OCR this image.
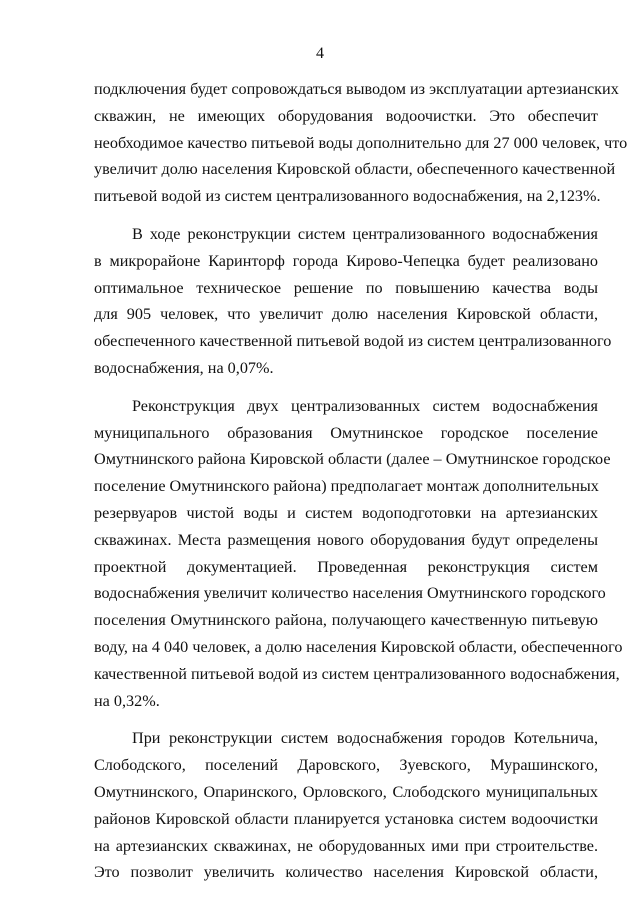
4
подключения будет сопровождаться выводом из эксплуатации артезианских
скважин, не имеющих оборудования водоочистки. Это обеспечит
необходимое качество питьевой воды дополнительно для 27 000 человек, что
увеличит долю населения Кировской области, обеспеченного качественной
питьевой водой из систем централизованного водоснабжения, на 2,123%.
В ходе реконструкции систем централизованного водоснабжения
в микрорайоне Каринторф города Кирово-Чепецка будет реализовано
оптимальное техническое решение по повышению качества воды
для 905 человек, что увеличит долю населения Кировской области,
обеспеченного качественной питьевой водой из систем централизованного
водоснабжения, на 0,07%.
Реконструкция двух централизованных систем водоснабжения
муниципального образования Омутнинское городское поселение
Омутнинского района Кировской области (далее – Омутнинское городское
поселение Омутнинского района) предполагает монтаж дополнительных
резервуаров чистой воды и систем водоподготовки на артезианских
скважинах. Места размещения нового оборудования будут определены
проектной документацией. Проведенная реконструкция систем
водоснабжения увеличит количество населения Омутнинского городского
поселения Омутнинского района, получающего качественную питьевую
воду, на 4 040 человек, а долю населения Кировской области, обеспеченного
качественной питьевой водой из систем централизованного водоснабжения,
на 0,32%.
При реконструкции систем водоснабжения городов Котельнича,
Слободского, поселений Даровского, Зуевского, Мурашинского,
Омутнинского, Опаринского, Орловского, Слободского муниципальных
районов Кировской области планируется установка систем водоочистки
на артезианских скважинах, не оборудованных ими при строительстве.
Это позволит увеличить количество населения Кировской области,
